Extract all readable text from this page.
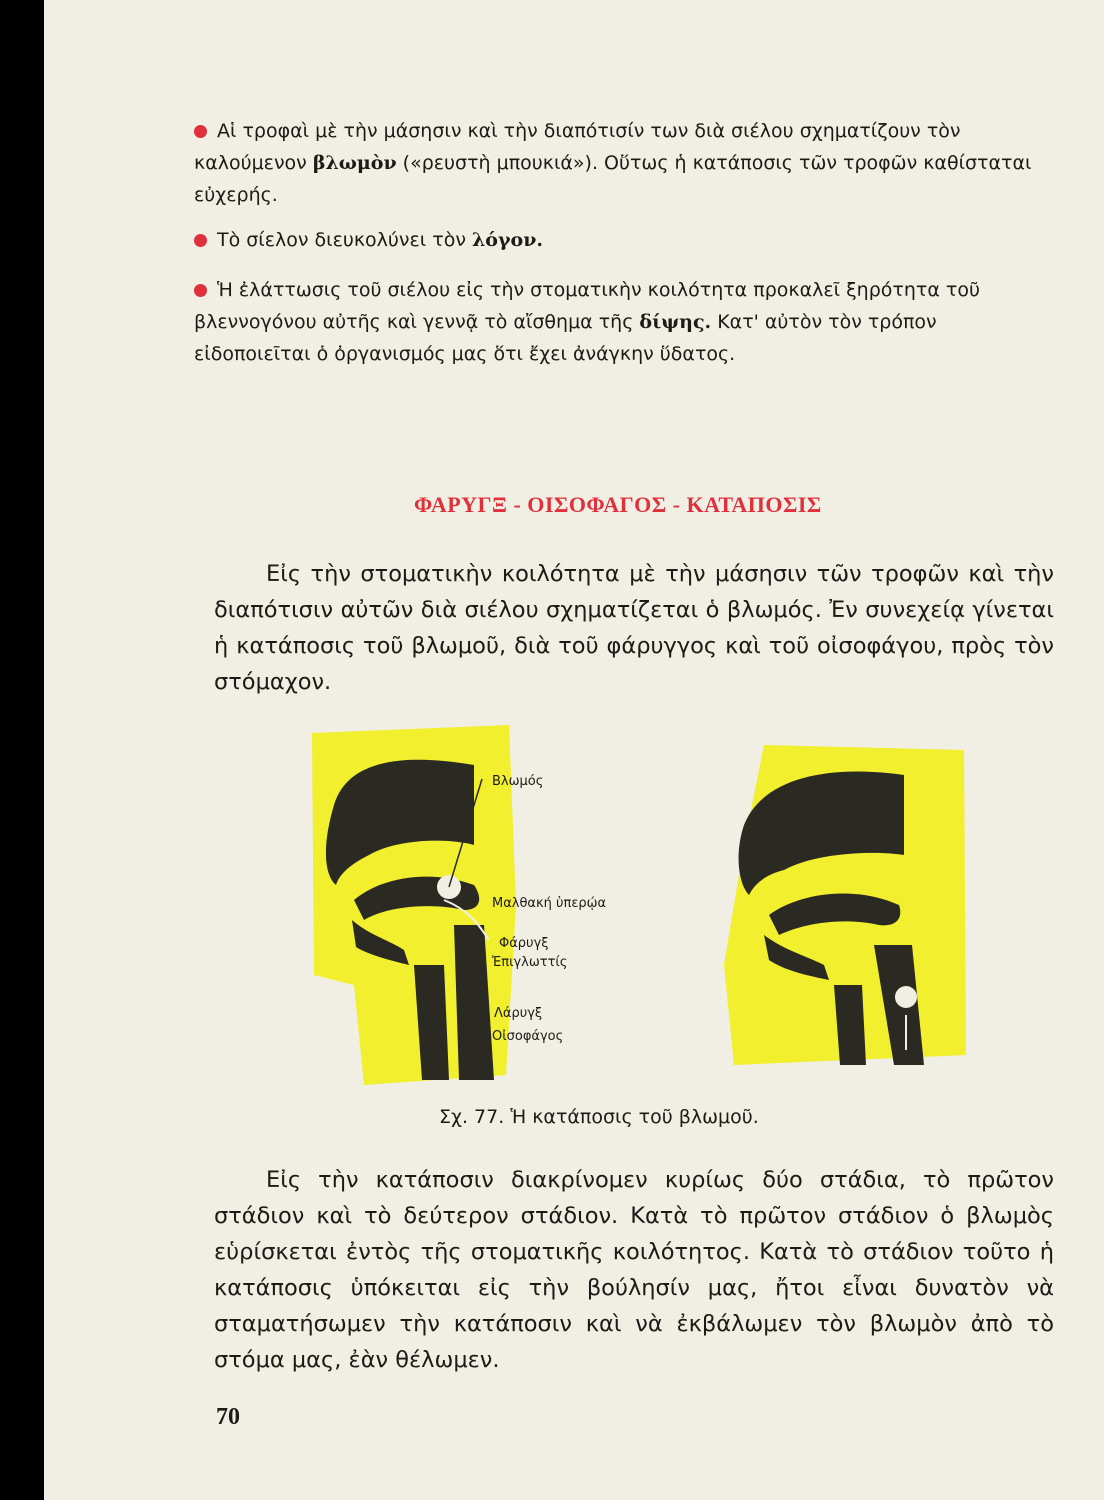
Αἱ τροφαὶ μὲ τὴν μάσησιν καὶ τὴν διαπότισίν των διὰ σιέλου σχηματίζουν τὸν καλούμενον βλωμὸν («ρευστὴ μπουκιά»). Οὕτως ἡ κατάποσις τῶν τροφῶν καθίσταται εὐχερής.
Τὸ σίελον διευκολύνει τὸν λόγον.
Ἡ ἐλάττωσις τοῦ σιέλου εἰς τὴν στοματικὴν κοιλότητα προκαλεῖ ξηρότητα τοῦ βλεννογόνου αὐτῆς καὶ γεννᾷ τὸ αἴσθημα τῆς δίψης. Κατ' αὐτὸν τὸν τρόπον εἰδοποιεῖται ὁ ὀργανισμός μας ὅτι ἔχει ἀνάγκην ὕδατος.
ΦΑΡΥΓΞ - ΟΙΣΟΦΑΓΟΣ - ΚΑΤΑΠΟΣΙΣ
Εἰς τὴν στοματικὴν κοιλότητα μὲ τὴν μάσησιν τῶν τροφῶν καὶ τὴν διαπότισιν αὐτῶν διὰ σιέλου σχηματίζεται ὁ βλωμός. Ἐν συνεχείᾳ γίνεται ἡ κατάποσις τοῦ βλωμοῦ, διὰ τοῦ φάρυγγος καὶ τοῦ οἰσοφάγου, πρὸς τὸν στόμαχον.
Βλωμός
Μαλθακή ὑπερῴα
Φάρυγξ
Ἐπιγλωττίς
Λάρυγξ
Οἰσοφάγος
Σχ. 77. Ἡ κατάποσις τοῦ βλωμοῦ.
Εἰς τὴν κατάποσιν διακρίνομεν κυρίως δύο στάδια, τὸ πρῶτον στάδιον καὶ τὸ δεύτερον στάδιον. Κατὰ τὸ πρῶτον στάδιον ὁ βλωμὸς εὑρίσκεται ἐντὸς τῆς στοματικῆς κοιλότητος. Κατὰ τὸ στάδιον τοῦτο ἡ κατάποσις ὑπόκειται εἰς τὴν βούλησίν μας, ἤτοι εἶναι δυνατὸν νὰ σταματήσωμεν τὴν κατάποσιν καὶ νὰ ἐκβάλωμεν τὸν βλωμὸν ἀπὸ τὸ στόμα μας, ἐὰν θέλωμεν.
70
